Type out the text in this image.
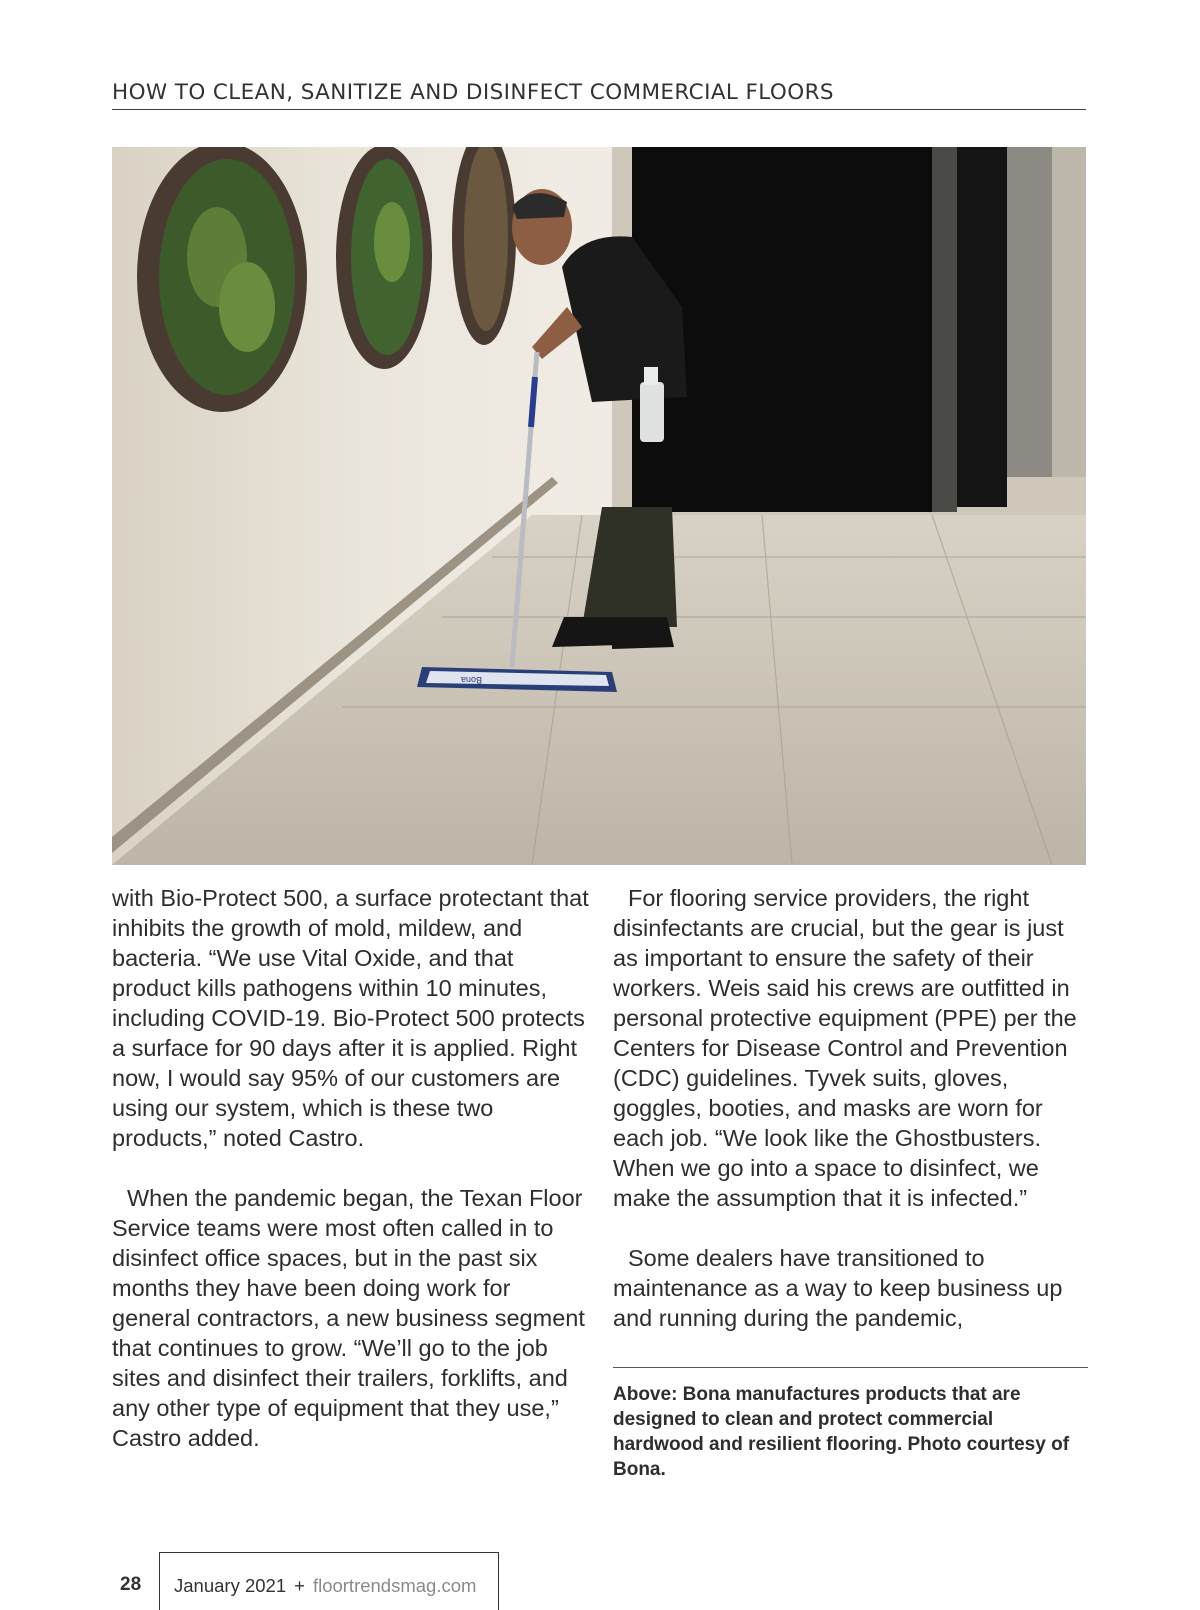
HOW TO CLEAN, SANITIZE AND DISINFECT COMMERCIAL FLOORS
Bona

with Bio-Protect 500, a surface protectant that inhibits the growth of mold, mildew, and bacteria. “We use Vital Oxide, and that product kills pathogens within 10 minutes, including COVID-19. Bio-Protect 500 protects a surface for 90 days after it is applied. Right now, I would say 95% of our customers are using our system, which is these two products,” noted Castro.

When the pandemic began, the Texan Floor Service teams were most often called in to disinfect office spaces, but in the past six months they have been doing work for general contractors, a new business segment that continues to grow. “We’ll go to the job sites and disinfect their trailers, forklifts, and any other type of equipment that they use,” Castro added.

For flooring service providers, the right disinfectants are crucial, but the gear is just as important to ensure the safety of their workers. Weis said his crews are outfitted in personal protective equipment (PPE) per the Centers for Disease Control and Prevention (CDC) guidelines. Tyvek suits, gloves, goggles, booties, and masks are worn for each job. “We look like the Ghostbusters. When we go into a space to disinfect, we make the assumption that it is infected.”

Some dealers have transitioned to maintenance as a way to keep business up and running during the pandemic,

Above: Bona manufactures products that are designed to clean and protect commercial hardwood and resilient flooring. Photo courtesy of Bona.
28 January 2021 + floortrendsmag.com
